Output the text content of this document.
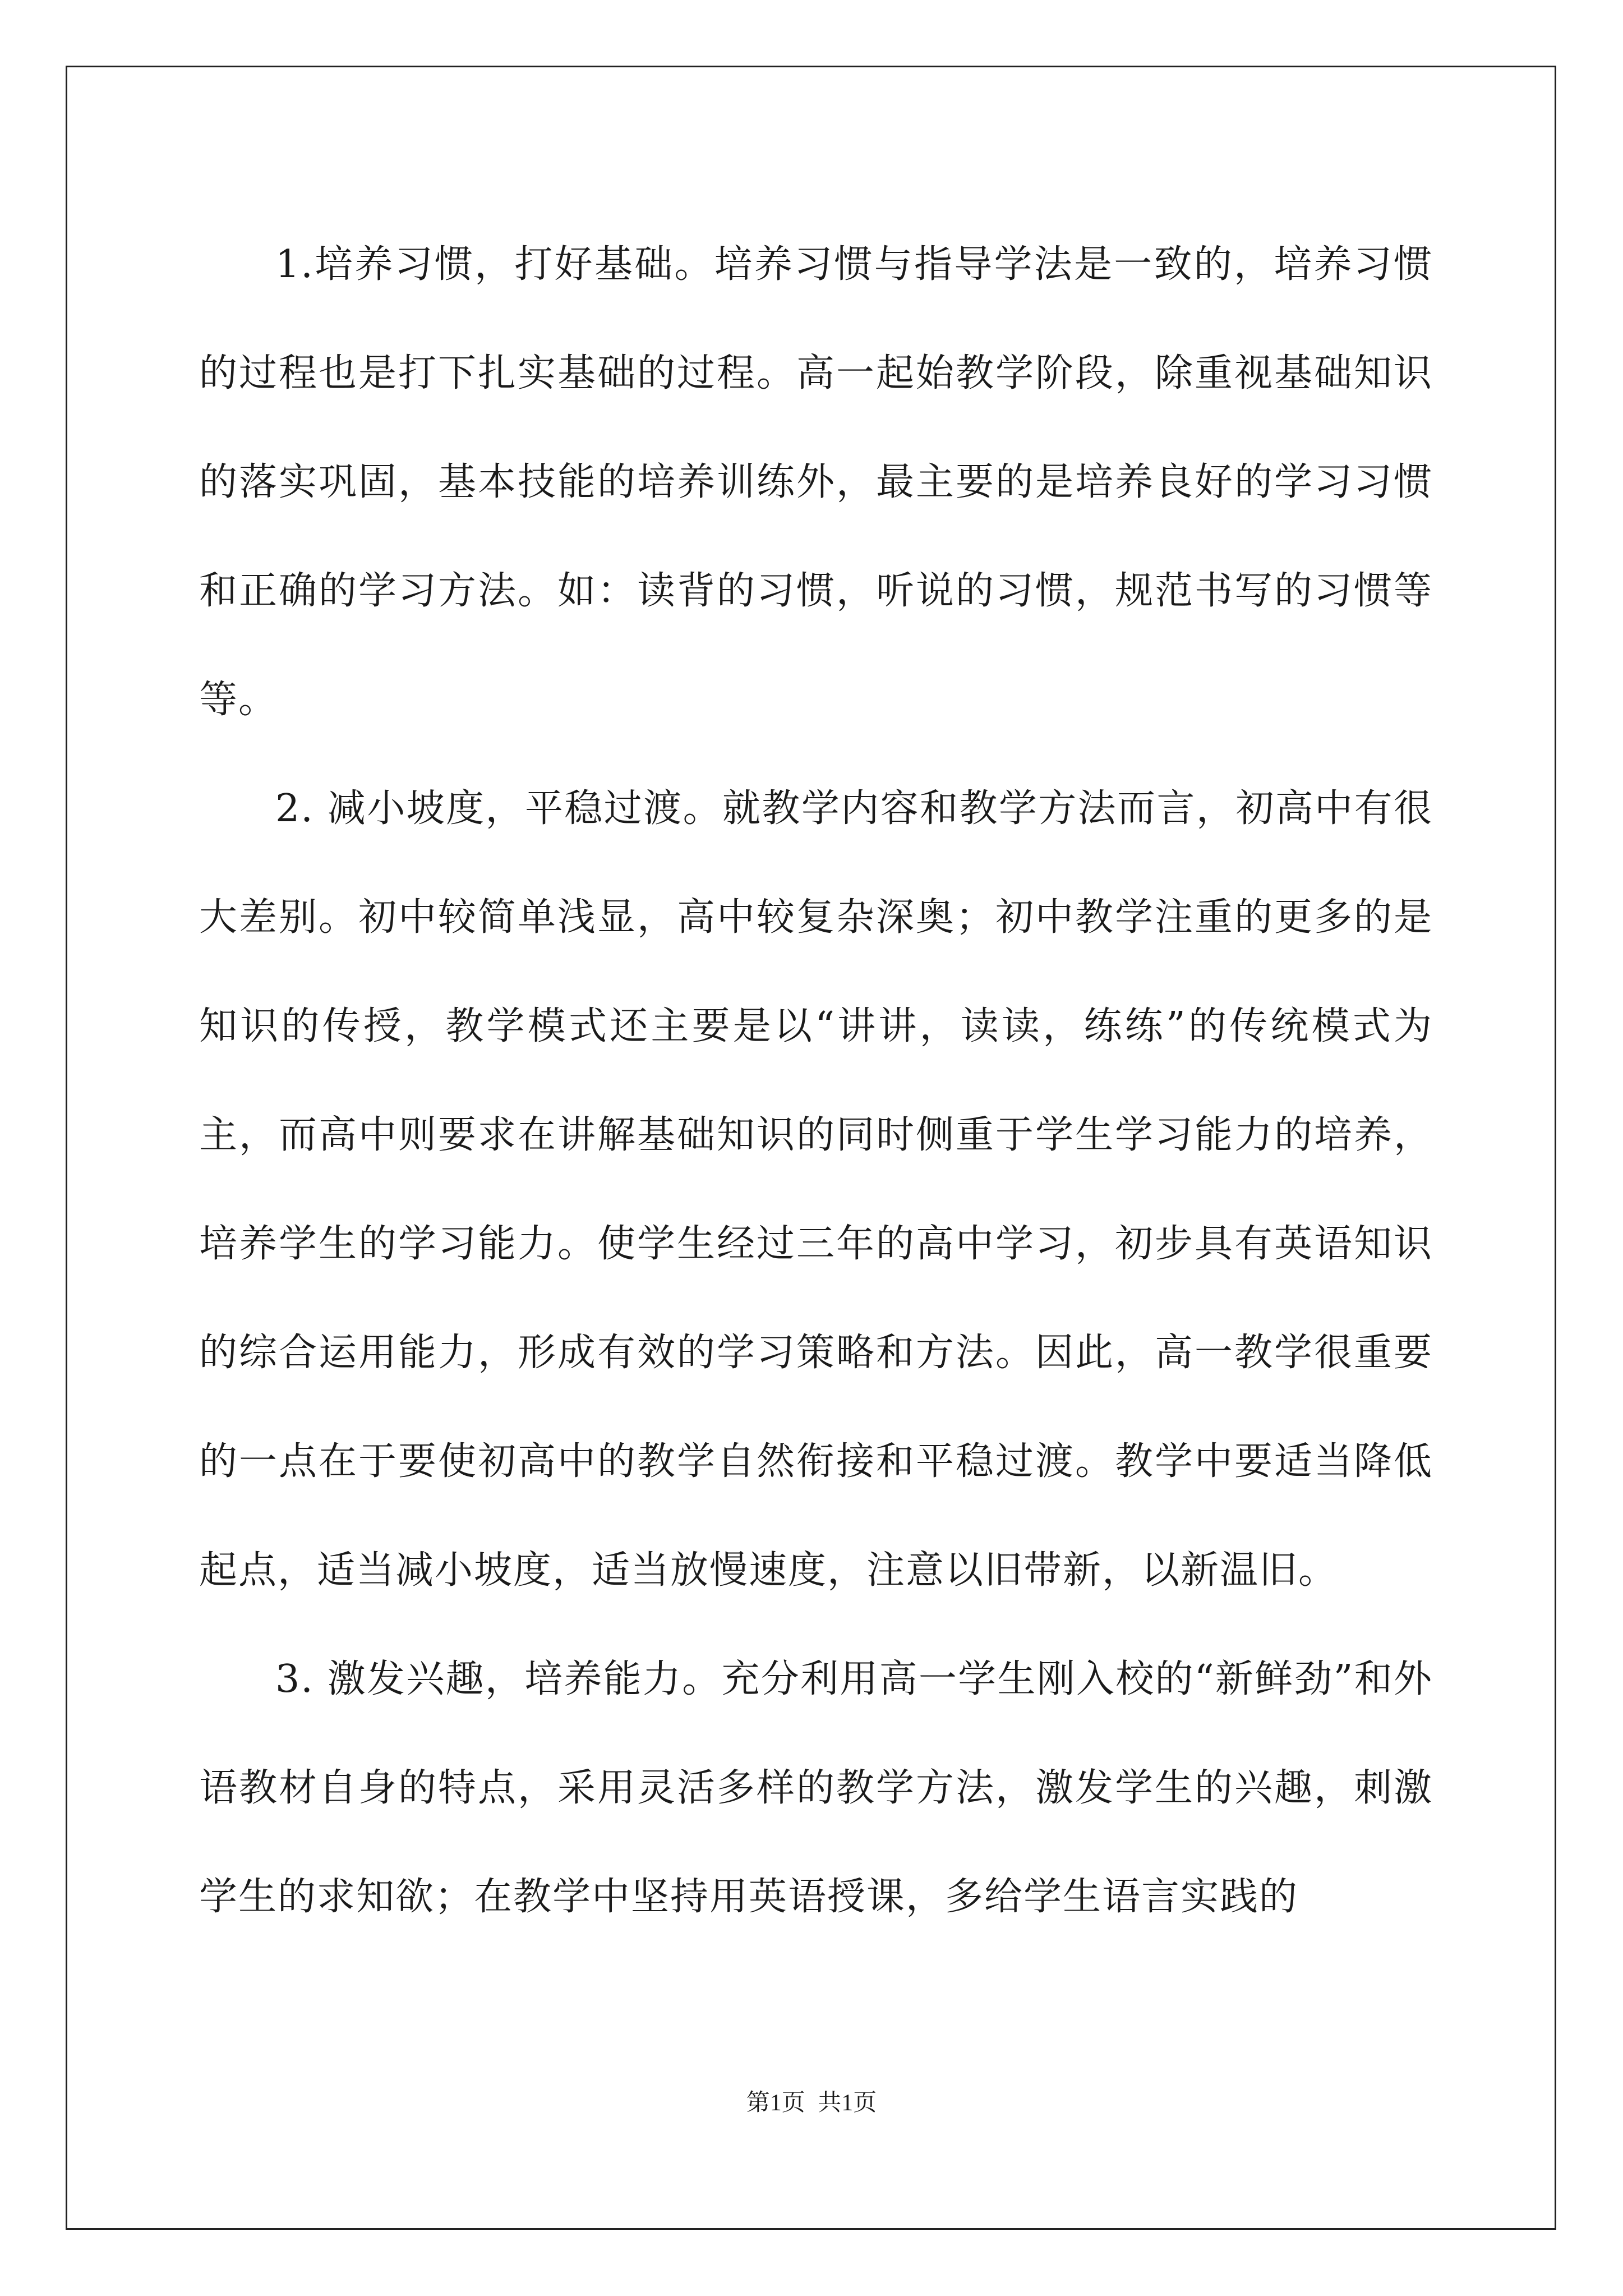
1.培养习惯，打好基础。培养习惯与指导学法是一致的，培养习惯的过程也是打下扎实基础的过程。高一起始教学阶段，除重视基础知识的落实巩固，基本技能的培养训练外，最主要的是培养良好的学习习惯和正确的学习方法。如：读背的习惯，听说的习惯，规范书写的习惯等等。

2. 减小坡度，平稳过渡。就教学内容和教学方法而言，初高中有很大差别。初中较简单浅显，高中较复杂深奥；初中教学注重的更多的是知识的传授，教学模式还主要是以“讲讲，读读，练练”的传统模式为主，而高中则要求在讲解基础知识的同时侧重于学生学习能力的培养，培养学生的学习能力。使学生经过三年的高中学习，初步具有英语知识的综合运用能力，形成有效的学习策略和方法。因此，高一教学很重要的一点在于要使初高中的教学自然衔接和平稳过渡。教学中要适当降低起点，适当减小坡度，适当放慢速度，注意以旧带新，以新温旧。

3. 激发兴趣，培养能力。充分利用高一学生刚入校的“新鲜劲”和外语教材自身的特点，采用灵活多样的教学方法，激发学生的兴趣，刺激学生的求知欲；在教学中坚持用英语授课，多给学生语言实践的

第1页 共1页
